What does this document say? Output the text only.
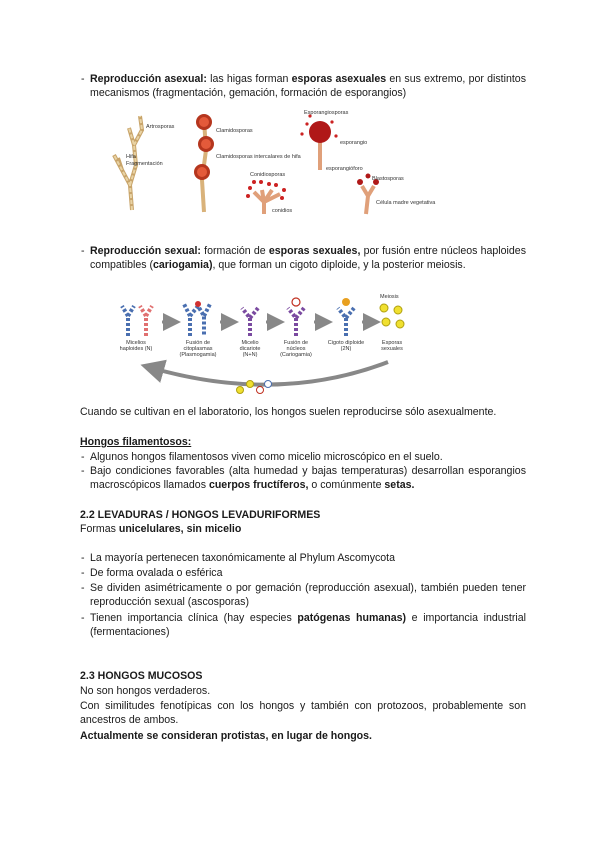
- Reproducción asexual: las higas forman esporas asexuales en sus extremo, por distintos mecanismos (fragmentación, gemación, formación de esporangios)
Artrosporas
Hifa
Fragmentación
Clamidosporas
Clamidosporas intercalares de hifa
Conidiosporas
conidios
Esporangiosporas
esporangio
esporangióforo
Blastosporas
Célula madre vegetativa
- Reproducción sexual: formación de esporas sexuales, por fusión entre núcleos haploides compatibles (cariogamia), que forman un cigoto diploide, y la posterior meiosis.
Micelios
haploides (N)
Fusión de
citoplasmas
(Plasmogamia)
Micelio
dicariote
(N+N)
Fusión de
núcleos
(Cariogamia)
Cigoto diploide
(2N)
Meiosis
Esporas
sexuales
Cuando se cultivan en el laboratorio, los hongos suelen reproducirse sólo asexualmente.
Hongos filamentosos:
- Algunos hongos filamentosos viven como micelio microscópico en el suelo.
- Bajo condiciones favorables (alta humedad y bajas temperaturas) desarrollan esporangios macroscópicos llamados cuerpos fructíferos, o comúnmente setas.
2.2 LEVADURAS / HONGOS LEVADURIFORMES
Formas unicelulares, sin micelio
- La mayoría pertenecen taxonómicamente al Phylum Ascomycota
- De forma ovalada o esférica
- Se dividen asimétricamente o por gemación (reproducción asexual), también pueden tener reproducción sexual (ascosporas)
- Tienen importancia clínica (hay especies patógenas humanas) e importancia industrial (fermentaciones)
2.3 HONGOS MUCOSOS
No son hongos verdaderos.
Con similitudes fenotípicas con los hongos y también con protozoos, probablemente son ancestros de ambos.
Actualmente se consideran protistas, en lugar de hongos.
